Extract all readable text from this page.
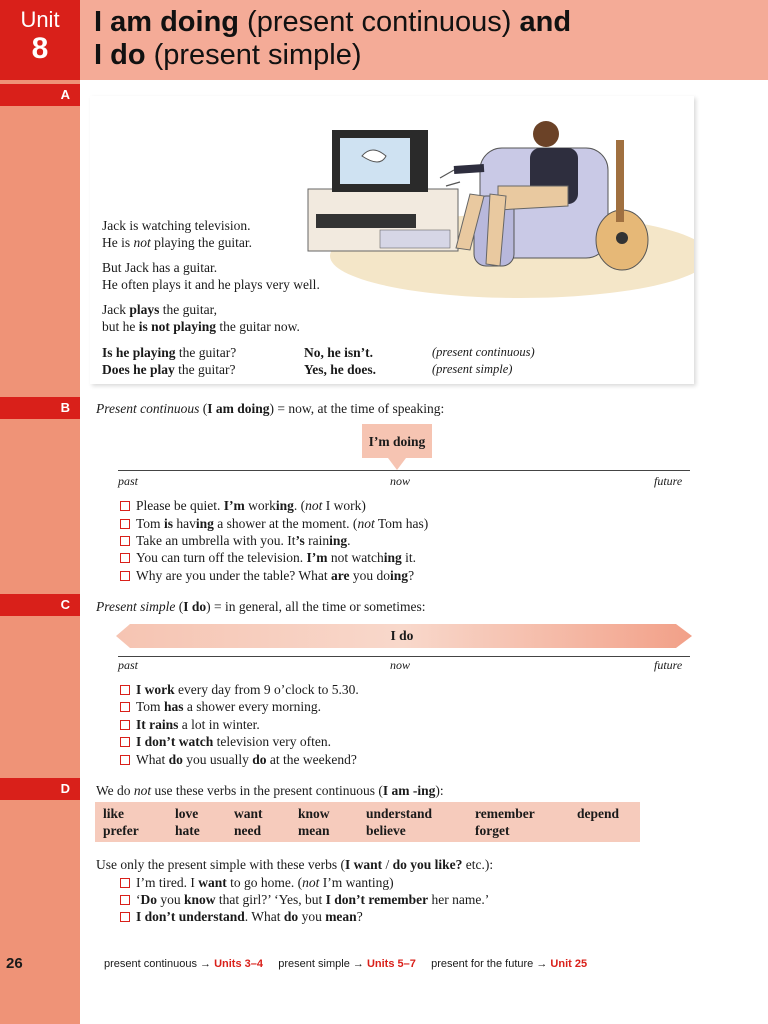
Unit
8
I am doing (present continuous) and
I do (present simple)
A
Jack is watching television.
He is not playing the guitar.
But Jack has a guitar.
He often plays it and he plays very well.
Jack plays the guitar,
but he is not playing the guitar now.
Is he playing the guitar?	No, he isn’t.	(present continuous)
Does he play the guitar?	Yes, he does.	(present simple)
B	Present continuous (I am doing) = now, at the time of speaking:
I’m doing
past	now	future
Please be quiet. I’m working. (not I work)
Tom is having a shower at the moment. (not Tom has)
Take an umbrella with you. It’s raining.
You can turn off the television. I’m not watching it.
Why are you under the table? What are you doing?
C	Present simple (I do) = in general, all the time or sometimes:
I do
past	now	future
I work every day from 9 o’clock to 5.30.
Tom has a shower every morning.
It rains a lot in winter.
I don’t watch television very often.
What do you usually do at the weekend?
D	We do not use these verbs in the present continuous (I am -ing):
like	love	want	know	understand	remember	depend
prefer	hate	need	mean	believe	forget
Use only the present simple with these verbs (I want / do you like? etc.):
I’m tired. I want to go home. (not I’m wanting)
‘Do you know that girl?’ ‘Yes, but I don’t remember her name.’
I don’t understand. What do you mean?
26	present continuous → Units 3–4 present simple → Units 5–7 present for the future → Unit 25
